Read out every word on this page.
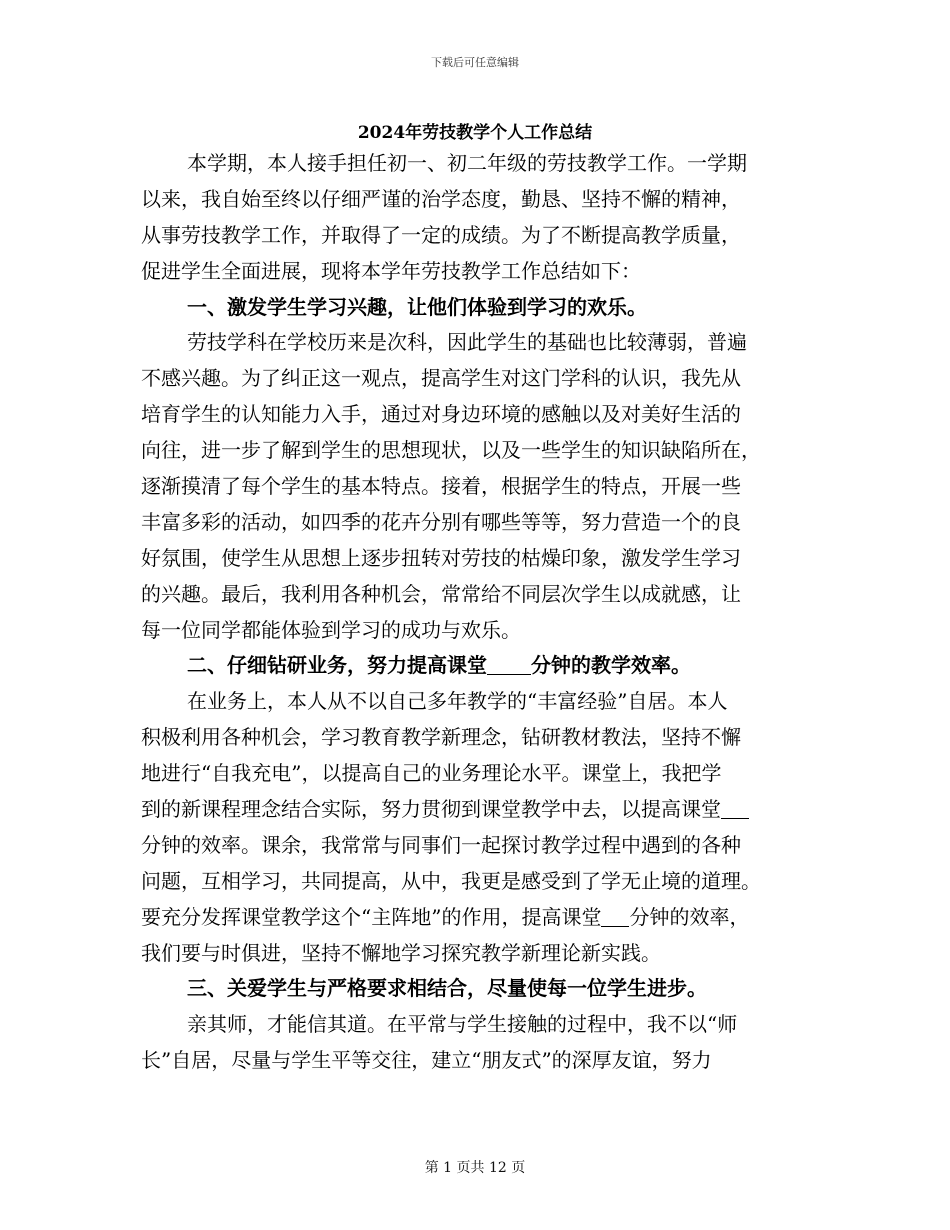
下载后可任意编辑
2024年劳技教学个人工作总结
本学期，本人接手担任初一、初二年级的劳技教学工作。一学期
以来，我自始至终以仔细严谨的治学态度，勤恳、坚持不懈的精神，
从事劳技教学工作，并取得了一定的成绩。为了不断提高教学质量，
促进学生全面进展，现将本学年劳技教学工作总结如下：
一、激发学生学习兴趣，让他们体验到学习的欢乐。
劳技学科在学校历来是次科，因此学生的基础也比较薄弱，普遍
不感兴趣。为了纠正这一观点，提高学生对这门学科的认识，我先从
培育学生的认知能力入手，通过对身边环境的感触以及对美好生活的
向往，进一步了解到学生的思想现状，以及一些学生的知识缺陷所在，
逐渐摸清了每个学生的基本特点。接着，根据学生的特点，开展一些
丰富多彩的活动，如四季的花卉分别有哪些等等，努力营造一个的良
好氛围，使学生从思想上逐步扭转对劳技的枯燥印象，激发学生学习
的兴趣。最后，我利用各种机会，常常给不同层次学生以成就感，让
每一位同学都能体验到学习的成功与欢乐。
二、仔细钻研业务，努力提高课堂 分钟的教学效率。
在业务上，本人从不以自己多年教学的“丰富经验”自居。本人
积极利用各种机会，学习教育教学新理念，钻研教材教法，坚持不懈
地进行“自我充电”，以提高自己的业务理论水平。课堂上，我把学
到的新课程理念结合实际，努力贯彻到课堂教学中去，以提高课堂
分钟的效率。课余，我常常与同事们一起探讨教学过程中遇到的各种
问题，互相学习，共同提高，从中，我更是感受到了学无止境的道理。
要充分发挥课堂教学这个“主阵地”的作用，提高课堂 分钟的效率，
我们要与时俱进，坚持不懈地学习探究教学新理论新实践。
三、关爱学生与严格要求相结合，尽量使每一位学生进步。
亲其师，才能信其道。在平常与学生接触的过程中，我不以“师
长”自居，尽量与学生平等交往，建立“朋友式”的深厚友谊，努力
第 1 页共 12 页
